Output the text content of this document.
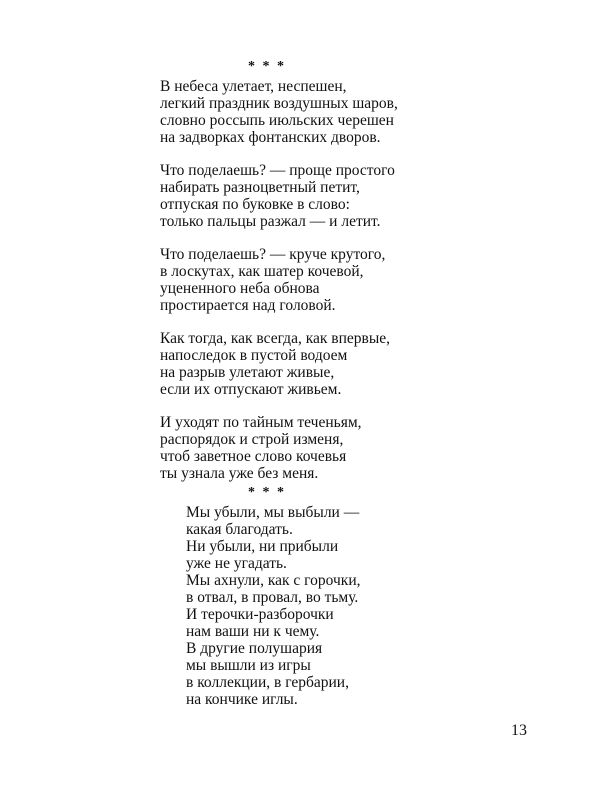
* * *
В небеса улетает, неспешен,
легкий праздник воздушных шаров,
словно россыпь июльских черешен
на задворках фонтанских дворов.
Что поделаешь? — проще простого
набирать разноцветный петит,
отпуская по буковке в слово:
только пальцы разжал — и летит.
Что поделаешь? — круче крутого,
в лоскутах, как шатер кочевой,
уцененного неба обнова
простирается над головой.
Как тогда, как всегда, как впервые,
напоследок в пустой водоем
на разрыв улетают живые,
если их отпускают живьем.
И уходят по тайным теченьям,
распорядок и строй изменя,
чтоб заветное слово кочевья
ты узнала уже без меня.
* * *
Мы убыли, мы выбыли —
какая благодать.
Ни убыли, ни прибыли
уже не угадать.
Мы ахнули, как с горочки,
в отвал, в провал, во тьму.
И терочки-разборочки
нам ваши ни к чему.
В другие полушария
мы вышли из игры
в коллекции, в гербарии,
на кончике иглы.
13
